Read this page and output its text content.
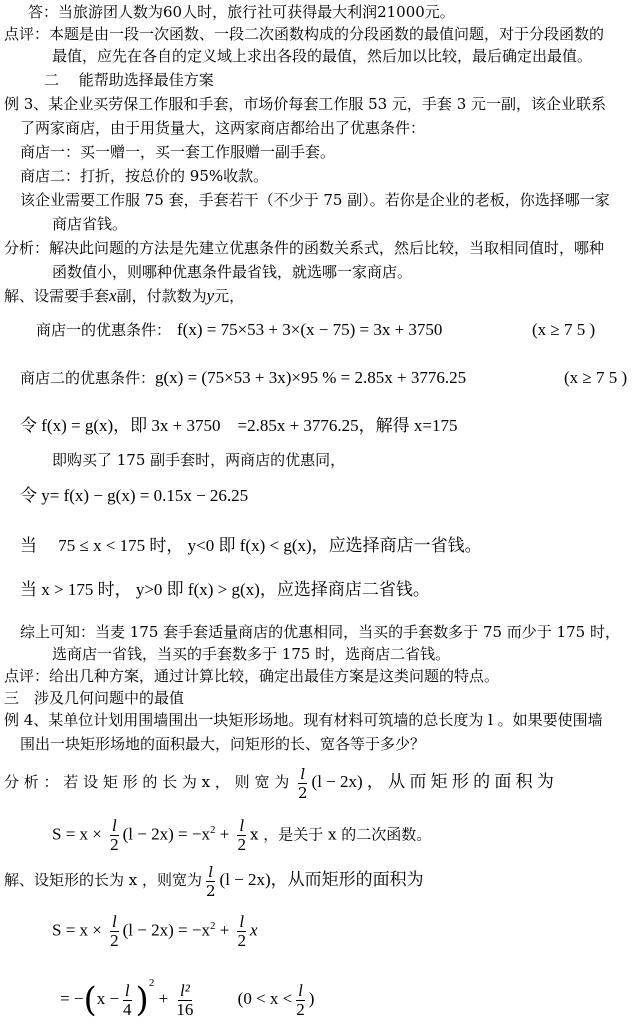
答：当旅游团人数为60人时，旅行社可获得最大利润21000元。
点评：本题是由一段一次函数、一段二次函数构成的分段函数的最值问题，对于分段函数的
最值，应先在各自的定义域上求出各段的最值，然后加以比较，最后确定出最值。
二　 能帮助选择最佳方案
例 3、某企业买劳保工作服和手套，市场价每套工作服 53 元，手套 3 元一副，该企业联系
了两家商店，由于用货量大，这两家商店都给出了优惠条件：
商店一：买一赠一，买一套工作服赠一副手套。
商店二：打折，按总价的 95%收款。
该企业需要工作服 75 套，手套若干（不少于 75 副）。若你是企业的老板，你选择哪一家
商店省钱。
分析：解决此问题的方法是先建立优惠条件的函数关系式，然后比较，当取相同值时，哪种
函数值小，则哪种优惠条件最省钱，就选哪一家商店。
解、设需要手套x副，付款数为y元，
商店一的优惠条件： f(x) = 75×53 + 3×(x − 75) = 3x + 3750	(x ≥ 7 5 )
商店二的优惠条件：g(x) = (75×53 + 3x)×95 % = 2.85x + 3776.25	(x ≥ 7 5 )
令 f(x) = g(x)，即 3x + 3750　=2.85x + 3776.25，解得 x=175
即购买了 175 副手套时，两商店的优惠同，
令 y= f(x) − g(x) = 0.15x − 26.25
当　 75 ≤ x < 175 时， y<0 即 f(x) < g(x)，应选择商店一省钱。
当 x > 175 时， y>0 即 f(x) > g(x)，应选择商店二省钱。
综上可知：当麦 175 套手套适量商店的优惠相同，当买的手套数多于 75 而少于 175 时，
选商店一省钱，当买的手套数多于 175 时，选商店二省钱。
点评：给出几种方案，通过计算比较，确定出最佳方案是这类问题的特点。
三　涉及几何问题中的最值
例 4、某单位计划用围墙围出一块矩形场地。现有材料可筑墙的总长度为 l 。如果要使围墙
围出一块矩形场地的面积最大，问矩形的长、宽各等于多少？
分 析 ： 若 设 矩 形 的 长 为 x ， 则 宽 为 $\frac{l}{2} (l - 2x)$ ， 从 而 矩 形 的 面 积 为
$S = x \times \frac{l}{2} (l - 2x) = -x^2 + \frac{l}{2}$ x ，是关于 x 的二次函数。
解、设矩形的长为 x ，则宽为 $\frac{l}{2} (l - 2x)$，从而矩形的面积为
$S = x \times \frac{l}{2} (l - 2x) = -x^2 + \frac{l}{2}$ x
= $-(x - \frac{l}{4} )^2 + \frac{\text{l²}}{16} (0 < x < \frac{l}{2}$ )
